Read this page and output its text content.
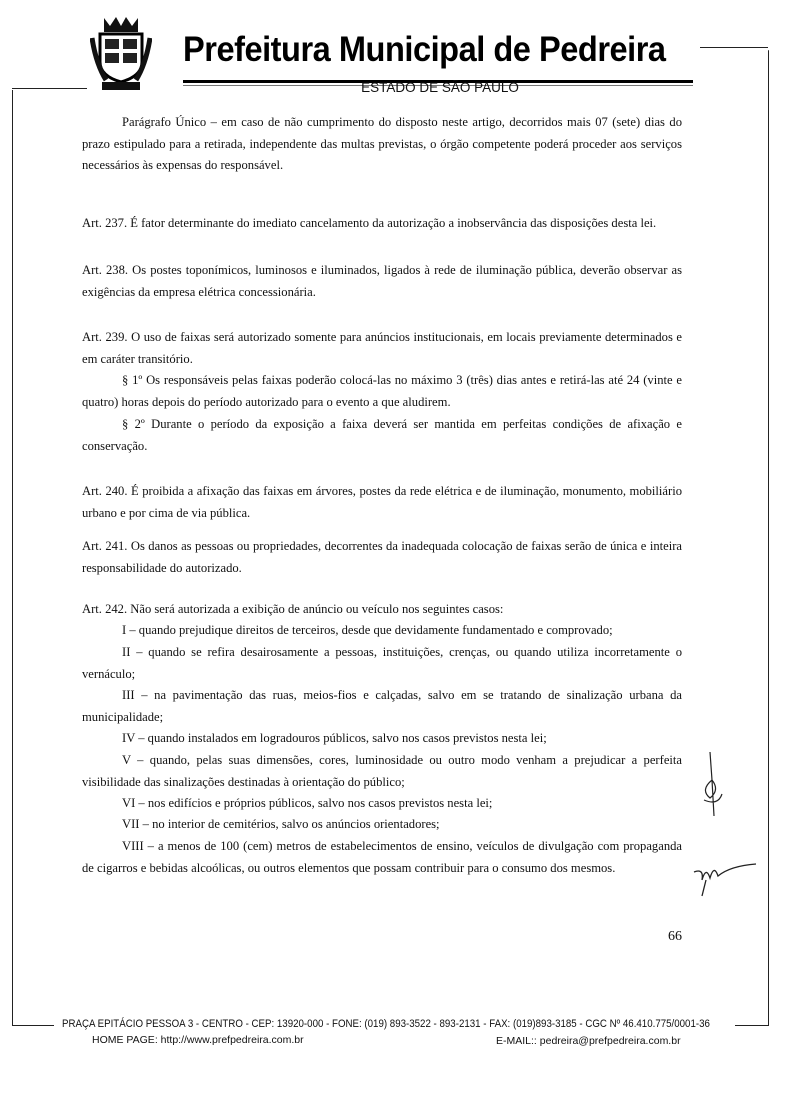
Prefeitura Municipal de Pedreira
ESTADO DE SÃO PAULO

Parágrafo Único – em caso de não cumprimento do disposto neste artigo, decorridos mais 07 (sete) dias do prazo estipulado para a retirada, independente das multas previstas, o órgão competente poderá proceder aos serviços necessários às expensas do responsável.

Art. 237. É fator determinante do imediato cancelamento da autorização a inobservância das disposições desta lei.

Art. 238. Os postes toponímicos, luminosos e iluminados, ligados à rede de iluminação pública, deverão observar as exigências da empresa elétrica concessionária.

Art. 239. O uso de faixas será autorizado somente para anúncios institucionais, em locais previamente determinados e em caráter transitório.

§ 1º Os responsáveis pelas faixas poderão colocá-las no máximo 3 (três) dias antes e retirá-las até 24 (vinte e quatro) horas depois do período autorizado para o evento a que aludirem.

§ 2º Durante o período da exposição a faixa deverá ser mantida em perfeitas condições de afixação e conservação.

Art. 240. É proibida a afixação das faixas em árvores, postes da rede elétrica e de iluminação, monumento, mobiliário urbano e por cima de via pública.

Art. 241. Os danos as pessoas ou propriedades, decorrentes da inadequada colocação de faixas serão de única e inteira responsabilidade do autorizado.

Art. 242. Não será autorizada a exibição de anúncio ou veículo nos seguintes casos:

I – quando prejudique direitos de terceiros, desde que devidamente fundamentado e comprovado;

II – quando se refira desairosamente a pessoas, instituições, crenças, ou quando utiliza incorretamente o vernáculo;

III – na pavimentação das ruas, meios-fios e calçadas, salvo em se tratando de sinalização urbana da municipalidade;

IV – quando instalados em logradouros públicos, salvo nos casos previstos nesta lei;

V – quando, pelas suas dimensões, cores, luminosidade ou outro modo venham a prejudicar a perfeita visibilidade das sinalizações destinadas à orientação do público;

VI – nos edifícios e próprios públicos, salvo nos casos previstos nesta lei;

VII – no interior de cemitérios, salvo os anúncios orientadores;

VIII – a menos de 100 (cem) metros de estabelecimentos de ensino, veículos de divulgação com propaganda de cigarros e bebidas alcoólicas, ou outros elementos que possam contribuir para o consumo dos mesmos.

66
PRAÇA EPITÁCIO PESSOA 3 - CENTRO - CEP: 13920-000 - FONE: (019) 893-3522 - 893-2131 - FAX: (019)893-3185 - CGC Nº 46.410.775/0001-36
HOME PAGE: http://www.prefpedreira.com.br	E-MAIL:: pedreira@prefpedreira.com.br
